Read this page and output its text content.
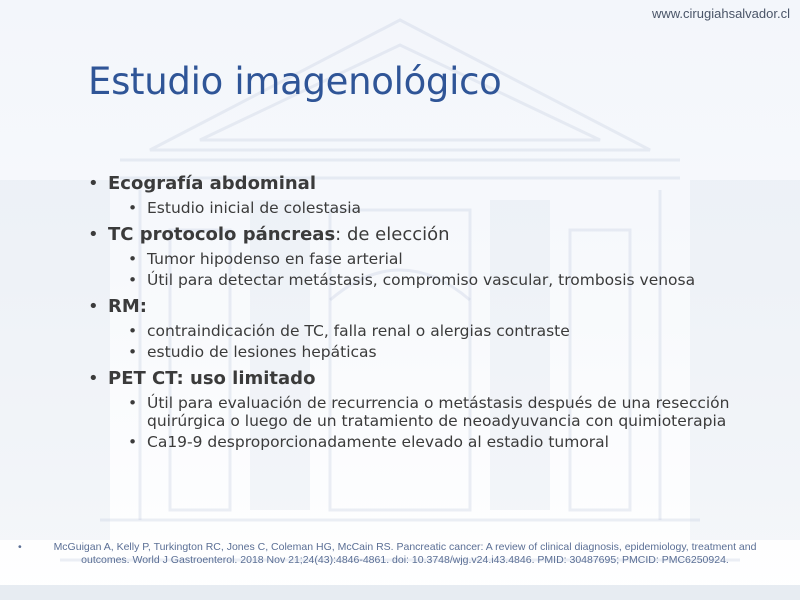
www.cirugiahsalvador.cl
Estudio imagenológico
• Ecografía abdominal
• Estudio inicial de colestasia
• TC protocolo páncreas: de elección
• Tumor hipodenso en fase arterial
• Útil para detectar metástasis, compromiso vascular, trombosis venosa
• RM:
• contraindicación de TC, falla renal o alergias contraste
• estudio de lesiones hepáticas
• PET CT: uso limitado
• Útil para evaluación de recurrencia o metástasis después de una resección quirúrgica o luego de un tratamiento de neoadyuvancia con quimioterapia
• Ca19-9 desproporcionadamente elevado al estadio tumoral
•	McGuigan A, Kelly P, Turkington RC, Jones C, Coleman HG, McCain RS. Pancreatic cancer: A review of clinical diagnosis, epidemiology, treatment and outcomes. World J Gastroenterol. 2018 Nov 21;24(43):4846-4861. doi: 10.3748/wjg.v24.i43.4846. PMID: 30487695; PMCID: PMC6250924.
